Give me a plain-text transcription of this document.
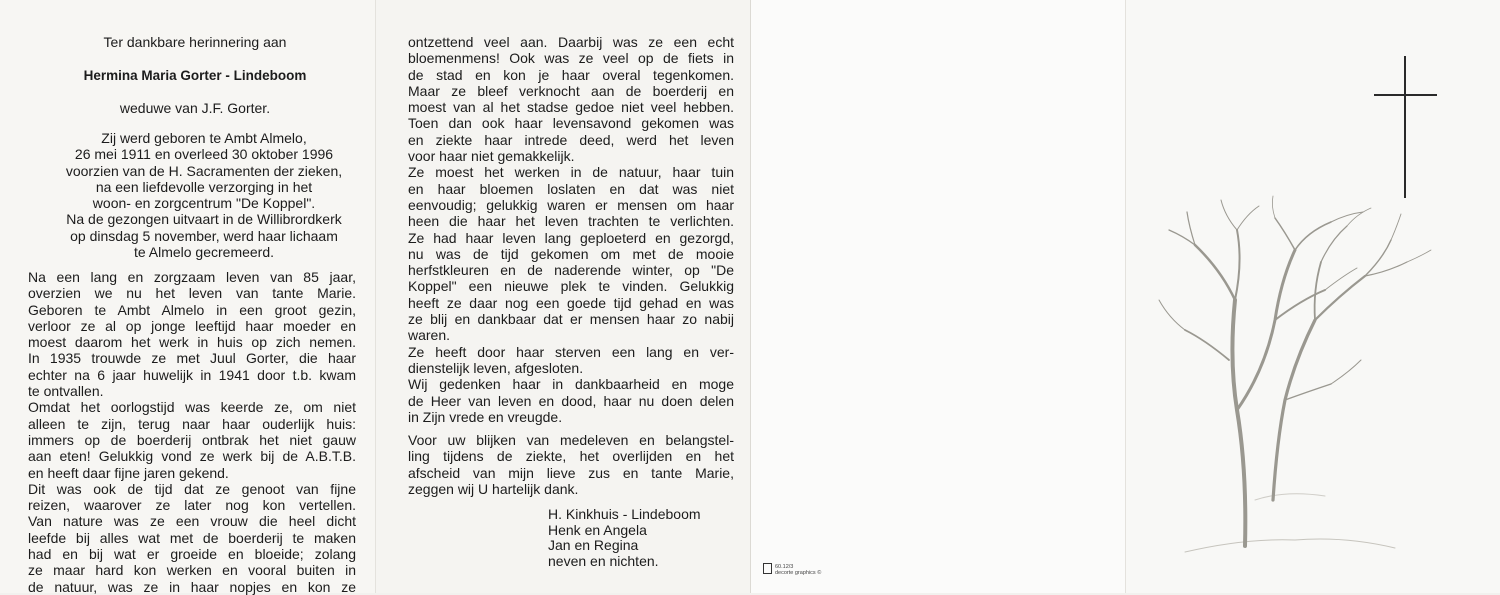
Ter dankbare herinnering aan
Hermina Maria Gorter - Lindeboom
weduwe van J.F. Gorter.
Zij werd geboren te Ambt Almelo,
26 mei 1911 en overleed 30 oktober 1996
voorzien van de H. Sacramenten der zieken,
na een liefdevolle verzorging in het
woon- en zorgcentrum "De Koppel".
Na de gezongen uitvaart in de Willibrordkerk
op dinsdag 5 november, werd haar lichaam
te Almelo gecremeerd.
Na een lang en zorgzaam leven van 85 jaar,
overzien we nu het leven van tante Marie.
Geboren te Ambt Almelo in een groot gezin,
verloor ze al op jonge leeftijd haar moeder en
moest daarom het werk in huis op zich nemen.
In 1935 trouwde ze met Juul Gorter, die haar
echter na 6 jaar huwelijk in 1941 door t.b. kwam
te ontvallen.
Omdat het oorlogstijd was keerde ze, om niet
alleen te zijn, terug naar haar ouderlijk huis:
immers op de boerderij ontbrak het niet gauw
aan eten! Gelukkig vond ze werk bij de A.B.T.B.
en heeft daar fijne jaren gekend.
Dit was ook de tijd dat ze genoot van fijne
reizen, waarover ze later nog kon vertellen.
Van nature was ze een vrouw die heel dicht
leefde bij alles wat met de boerderij te maken
had en bij wat er groeide en bloeide; zolang
ze maar hard kon werken en vooral buiten in
de natuur, was ze in haar nopjes en kon ze
ontzettend veel aan. Daarbij was ze een echt
bloemenmens! Ook was ze veel op de fiets in
de stad en kon je haar overal tegenkomen.
Maar ze bleef verknocht aan de boerderij en
moest van al het stadse gedoe niet veel hebben.
Toen dan ook haar levensavond gekomen was
en ziekte haar intrede deed, werd het leven
voor haar niet gemakkelijk.
Ze moest het werken in de natuur, haar tuin
en haar bloemen loslaten en dat was niet
eenvoudig; gelukkig waren er mensen om haar
heen die haar het leven trachten te verlichten.
Ze had haar leven lang geploeterd en gezorgd,
nu was de tijd gekomen om met de mooie
herfstkleuren en de naderende winter, op "De
Koppel" een nieuwe plek te vinden. Gelukkig
heeft ze daar nog een goede tijd gehad en was
ze blij en dankbaar dat er mensen haar zo nabij
waren.
Ze heeft door haar sterven een lang en ver-
dienstelijk leven, afgesloten.
Wij gedenken haar in dankbaarheid en moge
de Heer van leven en dood, haar nu doen delen
in Zijn vrede en vreugde.
Voor uw blijken van medeleven en belangstel-
ling tijdens de ziekte, het overlijden en het
afscheid van mijn lieve zus en tante Marie,
zeggen wij U hartelijk dank.
H. Kinkhuis - Lindeboom
Henk en Angela
Jan en Regina
neven en nichten.	60.12/3
decorte graphics ©
